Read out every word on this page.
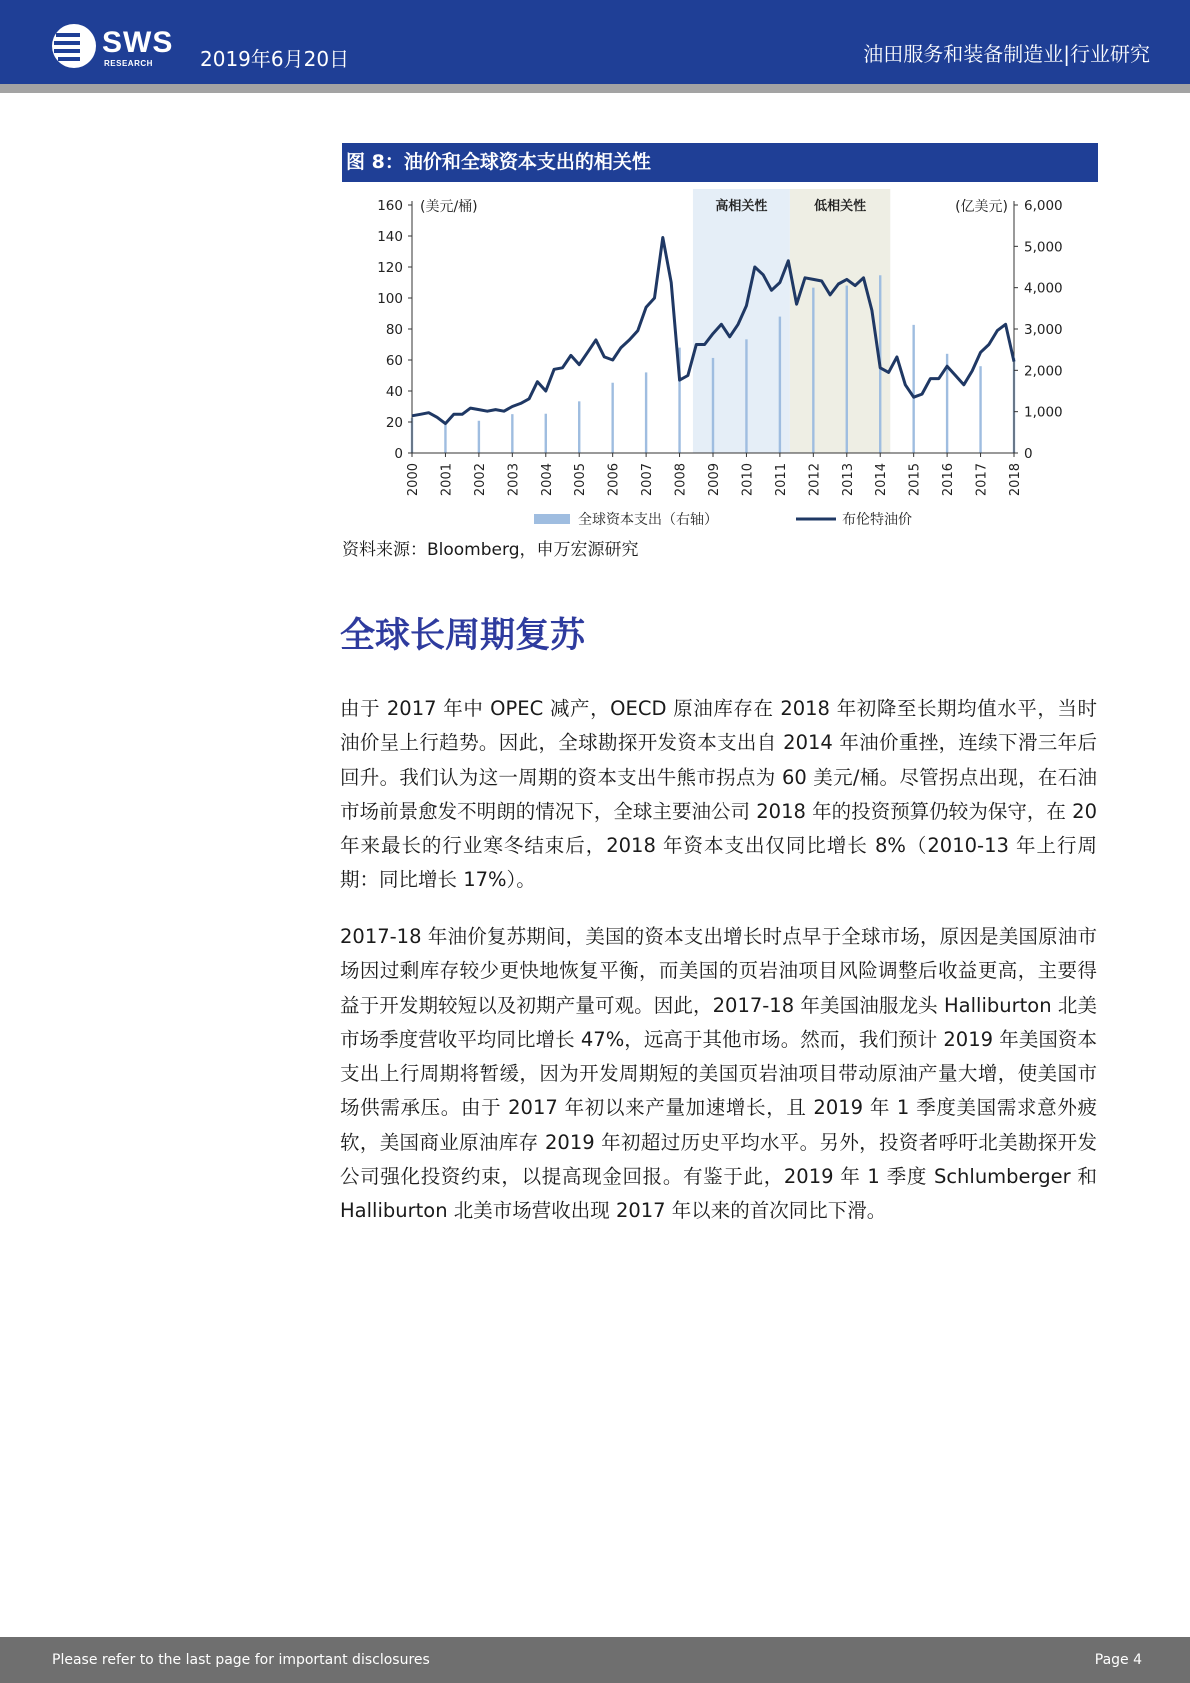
SWS
RESEARCH 2019年6月20日	油田服务和装备制造业|行业研究
图 8：油价和全球资本支出的相关性
高相关性	低相关性
0
20
40
60
80
100
120
140
160
0
1,000
2,000
3,000
4,000
5,000
6,000
2000 2001 2002 2003 2004 2005 2006 2007 2008 2009 2010 2011 2012 2013 2014 2015 2016 2017 2018
(美元/桶)	(亿美元)
全球资本支出（右轴）	布伦特油价
资料来源：Bloomberg，申万宏源研究
全球长周期复苏

由于 2017 年中 OPEC 减产，OECD 原油库存在 2018 年初降至长期均值水平，当时油价呈上行趋势。因此，全球勘探开发资本支出自 2014 年油价重挫，连续下滑三年后回升。我们认为这一周期的资本支出牛熊市拐点为 60 美元/桶。尽管拐点出现，在石油市场前景愈发不明朗的情况下，全球主要油公司 2018 年的投资预算仍较为保守，在 20 年来最长的行业寒冬结束后，2018 年资本支出仅同比增长 8%（2010-13 年上行周期：同比增长 17%）。

2017-18 年油价复苏期间，美国的资本支出增长时点早于全球市场，原因是美国原油市场因过剩库存较少更快地恢复平衡，而美国的页岩油项目风险调整后收益更高，主要得益于开发期较短以及初期产量可观。因此，2017-18 年美国油服龙头 Halliburton 北美市场季度营收平均同比增长 47%，远高于其他市场。然而，我们预计 2019 年美国资本支出上行周期将暂缓，因为开发周期短的美国页岩油项目带动原油产量大增，使美国市场供需承压。由于 2017 年初以来产量加速增长，且 2019 年 1 季度美国需求意外疲软，美国商业原油库存 2019 年初超过历史平均水平。另外，投资者呼吁北美勘探开发公司强化投资约束，以提高现金回报。有鉴于此，2019 年 1 季度 Schlumberger 和 Halliburton 北美市场营收出现 2017 年以来的首次同比下滑。

Please refer to the last page for important disclosures	Page 4
